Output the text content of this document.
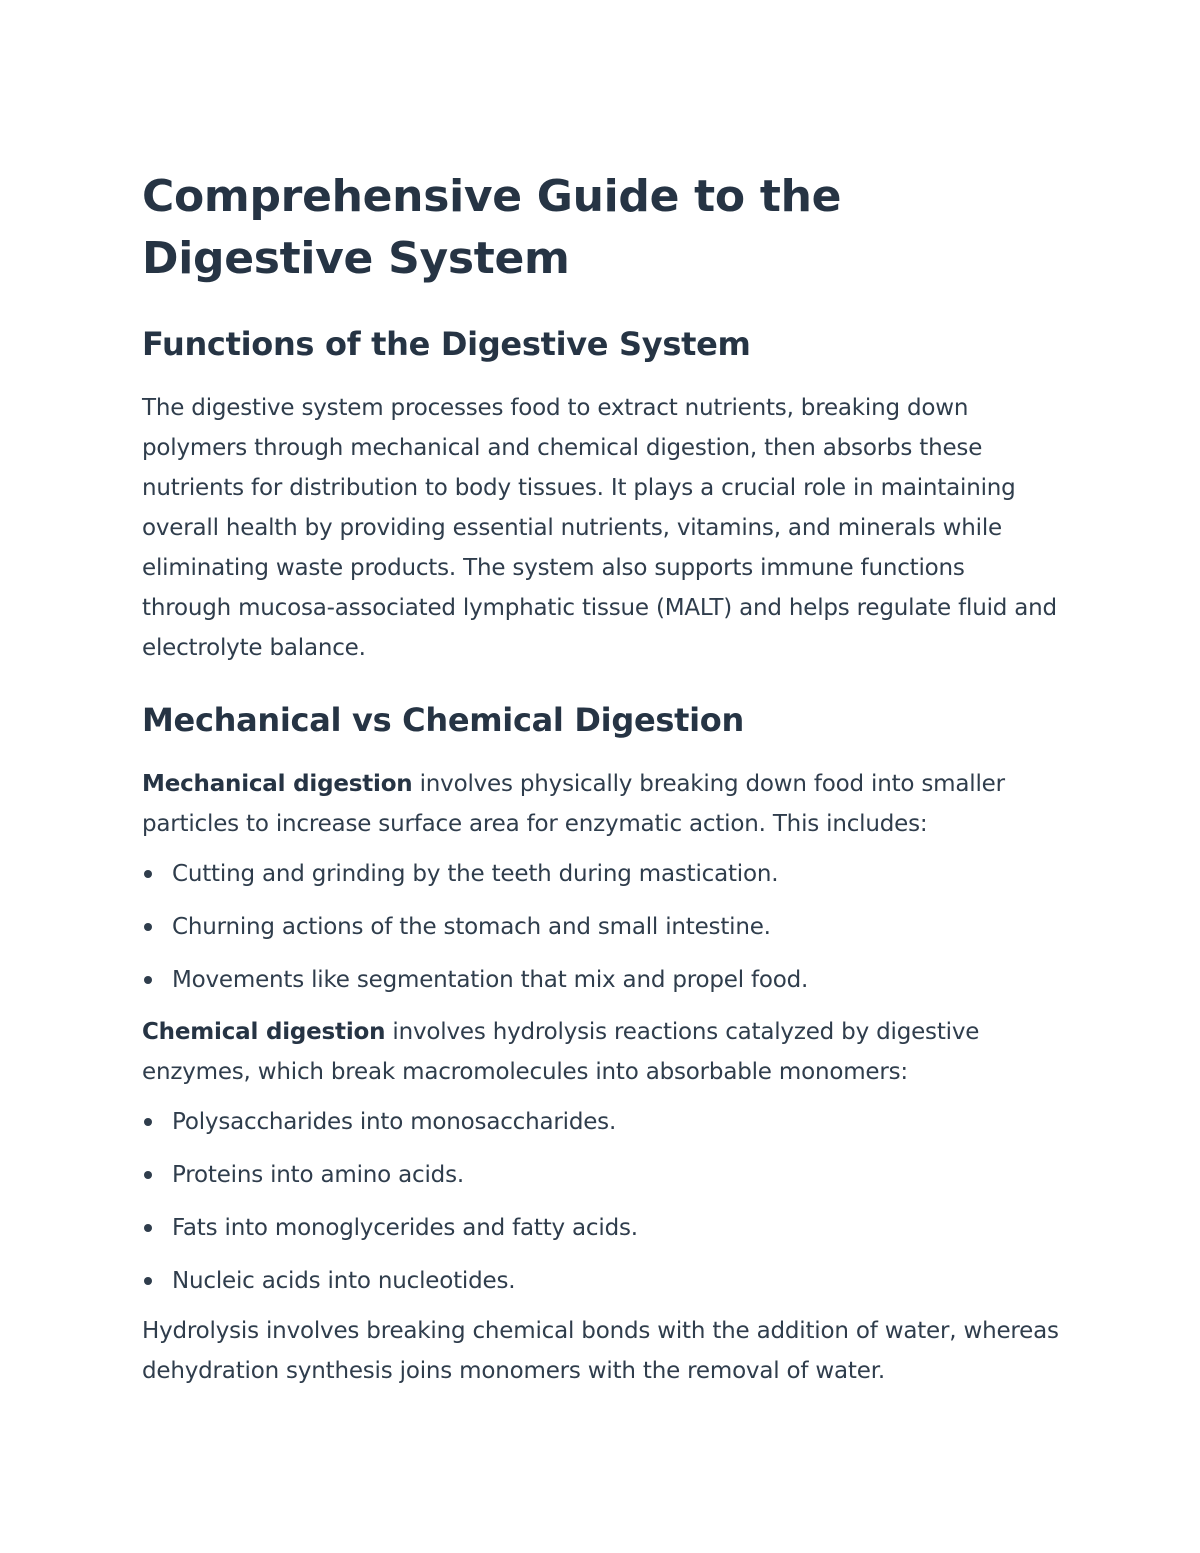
Comprehensive Guide to the Digestive System
Functions of the Digestive System

The digestive system processes food to extract nutrients, breaking down polymers through mechanical and chemical digestion, then absorbs these nutrients for distribution to body tissues. It plays a crucial role in maintaining overall health by providing essential nutrients, vitamins, and minerals while eliminating waste products. The system also supports immune functions through mucosa-associated lymphatic tissue (MALT) and helps regulate fluid and electrolyte balance.

Mechanical vs Chemical Digestion

Mechanical digestion involves physically breaking down food into smaller particles to increase surface area for enzymatic action. This includes:

Cutting and grinding by the teeth during mastication.
Churning actions of the stomach and small intestine.
Movements like segmentation that mix and propel food.

Chemical digestion involves hydrolysis reactions catalyzed by digestive enzymes, which break macromolecules into absorbable monomers:

Polysaccharides into monosaccharides.
Proteins into amino acids.
Fats into monoglycerides and fatty acids.
Nucleic acids into nucleotides.

Hydrolysis involves breaking chemical bonds with the addition of water, whereas dehydration synthesis joins monomers with the removal of water.
